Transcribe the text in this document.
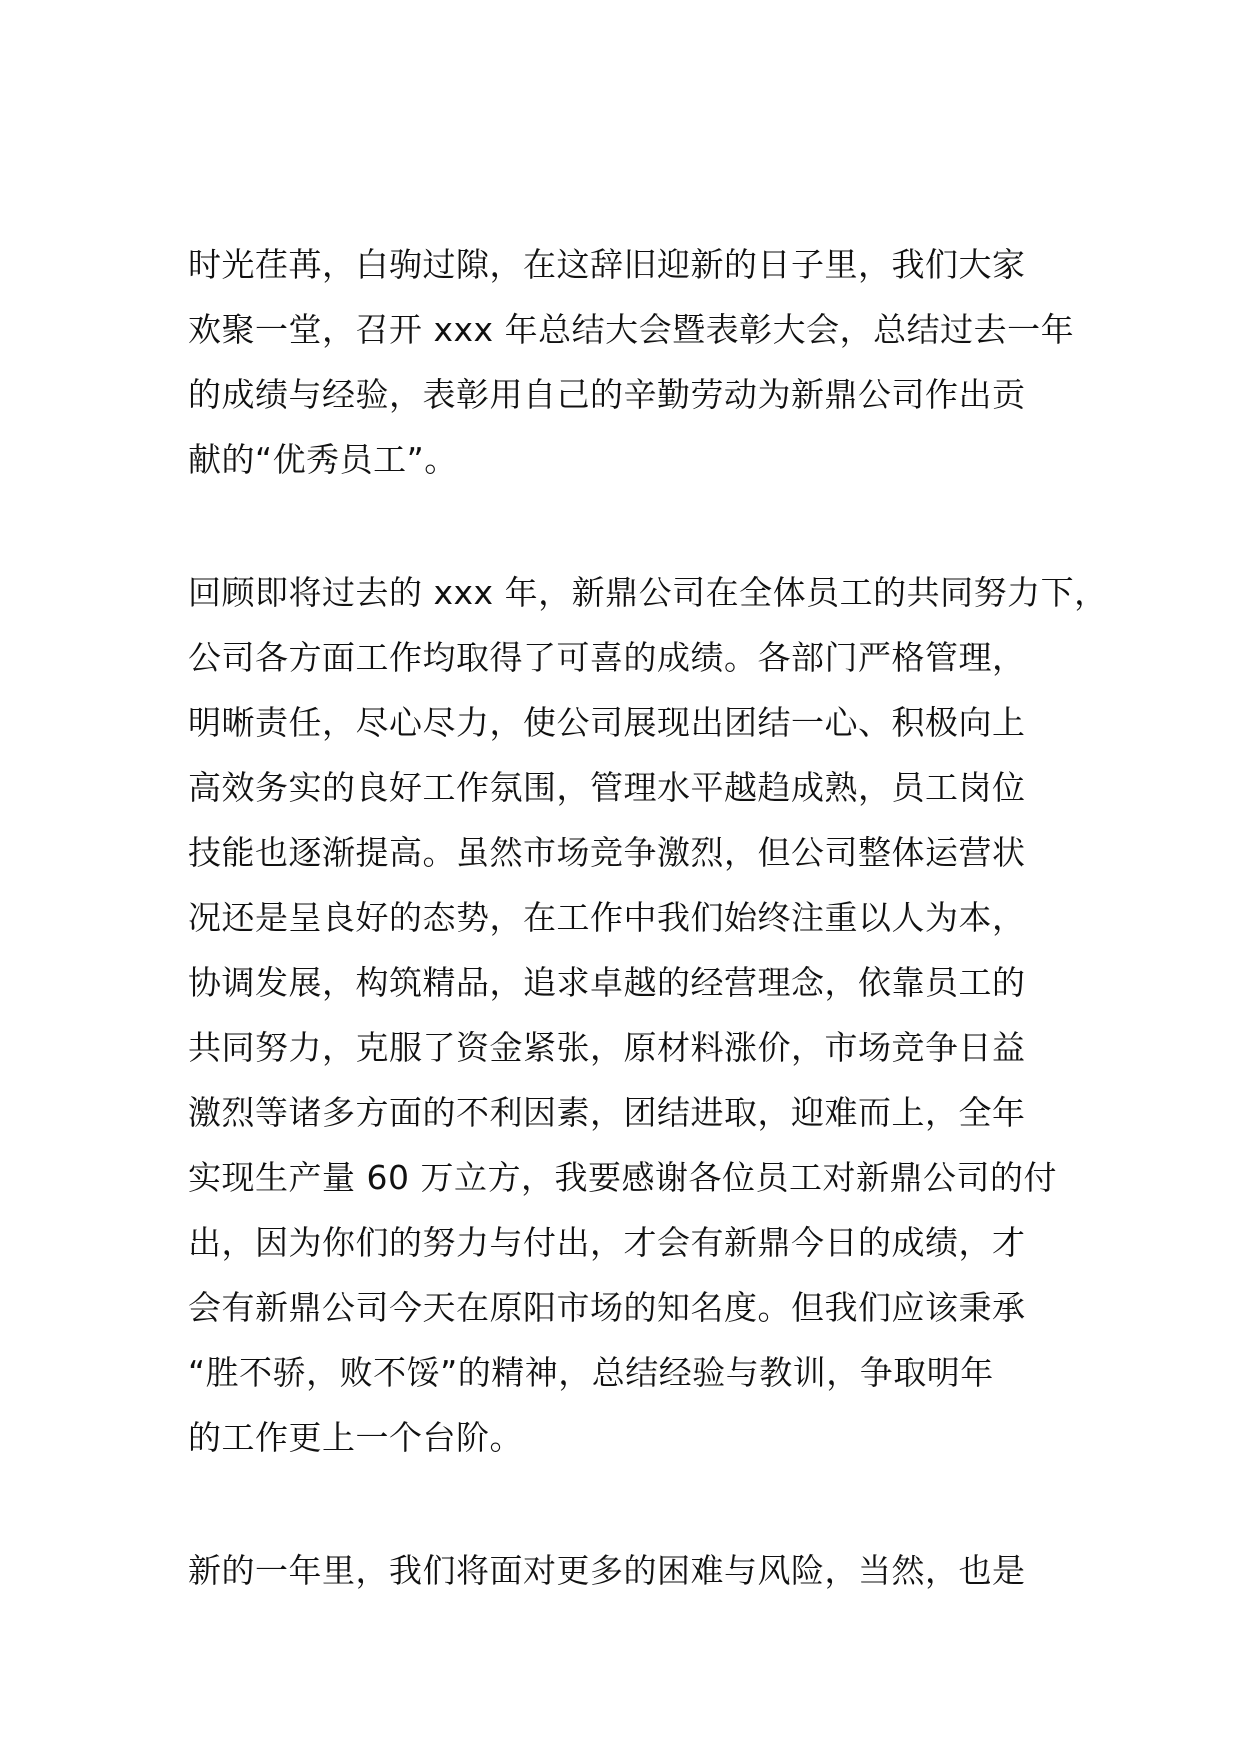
时光荏苒，白驹过隙，在这辞旧迎新的日子里，我们大家
欢聚一堂，召开 xxx 年总结大会暨表彰大会，总结过去一年
的成绩与经验，表彰用自己的辛勤劳动为新鼎公司作出贡
献的“优秀员工”。
回顾即将过去的 xxx 年，新鼎公司在全体员工的共同努力下，
公司各方面工作均取得了可喜的成绩。各部门严格管理，
明晰责任，尽心尽力，使公司展现出团结一心、积极向上
高效务实的良好工作氛围，管理水平越趋成熟，员工岗位
技能也逐渐提高。虽然市场竞争激烈，但公司整体运营状
况还是呈良好的态势，在工作中我们始终注重以人为本，
协调发展，构筑精品，追求卓越的经营理念，依靠员工的
共同努力，克服了资金紧张，原材料涨价，市场竞争日益
激烈等诸多方面的不利因素，团结进取，迎难而上，全年
实现生产量 60 万立方，我要感谢各位员工对新鼎公司的付
出，因为你们的努力与付出，才会有新鼎今日的成绩，才
会有新鼎公司今天在原阳市场的知名度。但我们应该秉承
“胜不骄，败不馁”的精神，总结经验与教训，争取明年
的工作更上一个台阶。
新的一年里，我们将面对更多的困难与风险，当然，也是
